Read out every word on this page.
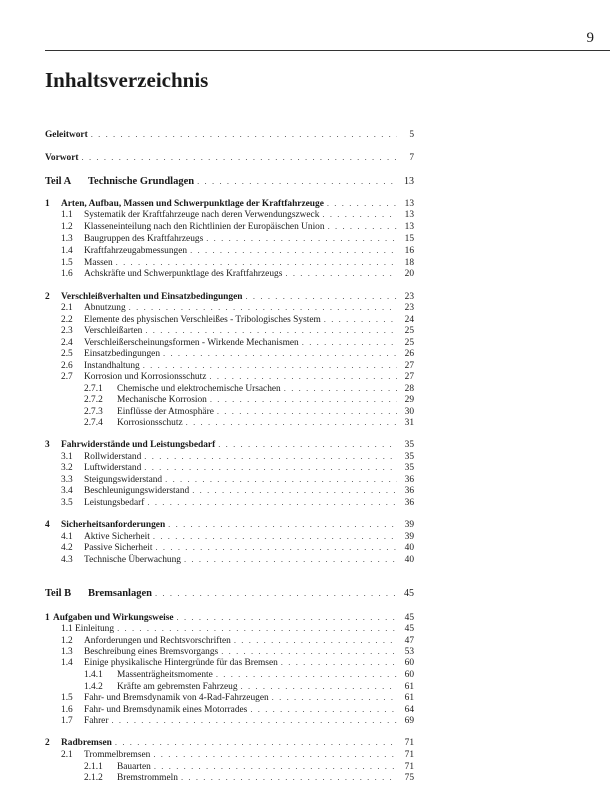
9
Inhaltsverzeichnis
Geleitwort . . .	5
Vorwort . . .	7
Teil A	Technische Grundlagen . . .	13
1	Arten, Aufbau, Massen und Schwerpunktlage der Kraftfahrzeuge . . .	13
1.1	Systematik der Kraftfahrzeuge nach deren Verwendungszweck . . .	13
1.2	Klasseneinteilung nach den Richtlinien der Europäischen Union . . .	13
1.3	Baugruppen des Kraftfahrzeugs . . .	15
1.4	Kraftfahrzeugabmessungen . . .	16
1.5	Massen . . .	18
1.6	Achskräfte und Schwerpunktlage des Kraftfahrzeugs . . .	20
2	Verschleißverhalten und Einsatzbedingungen . . .	23
2.1	Abnutzung . . .	23
2.2	Elemente des physischen Verschleißes - Tribologisches System . . .	24
2.3	Verschleißarten . . .	25
2.4	Verschleißerscheinungsformen - Wirkende Mechanismen . . .	25
2.5	Einsatzbedingungen . . .	26
2.6	Instandhaltung . . .	27
2.7	Korrosion und Korrosionsschutz . . .	27
2.7.1	Chemische und elektrochemische Ursachen . . .	28
2.7.2	Mechanische Korrosion . . .	29
2.7.3	Einflüsse der Atmosphäre . . .	30
2.7.4	Korrosionsschutz . . .	31
3	Fahrwiderstände und Leistungsbedarf . . .	35
3.1	Rollwiderstand . . .	35
3.2	Luftwiderstand . . .	35
3.3	Steigungswiderstand . . .	36
3.4	Beschleunigungswiderstand . . .	36
3.5	Leistungsbedarf . . .	36
4	Sicherheitsanforderungen . . .	39
4.1	Aktive Sicherheit . . .	39
4.2	Passive Sicherheit . . .	40
4.3	Technische Überwachung . . .	40
Teil B	Bremsanlagen . . .	45
1 Aufgaben und Wirkungsweise . . .	45
1.1 Einleitung . . .	45
1.2	Anforderungen und Rechtsvorschriften . . .	47
1.3	Beschreibung eines Bremsvorgangs . . .	53
1.4	Einige physikalische Hintergründe für das Bremsen . . .	60
1.4.1	Massenträgheitsmomente . . .	60
1.4.2	Kräfte am gebremsten Fahrzeug . . .	61
1.5	Fahr- und Bremsdynamik von 4-Rad-Fahrzeugen . . .	61
1.6	Fahr- und Bremsdynamik eines Motorrades . . .	64
1.7	Fahrer . . .	69
2	Radbremsen . . .	71
2.1	Trommelbremsen . . .	71
2.1.1	Bauarten . . .	71
2.1.2	Bremstrommeln . . .	75
